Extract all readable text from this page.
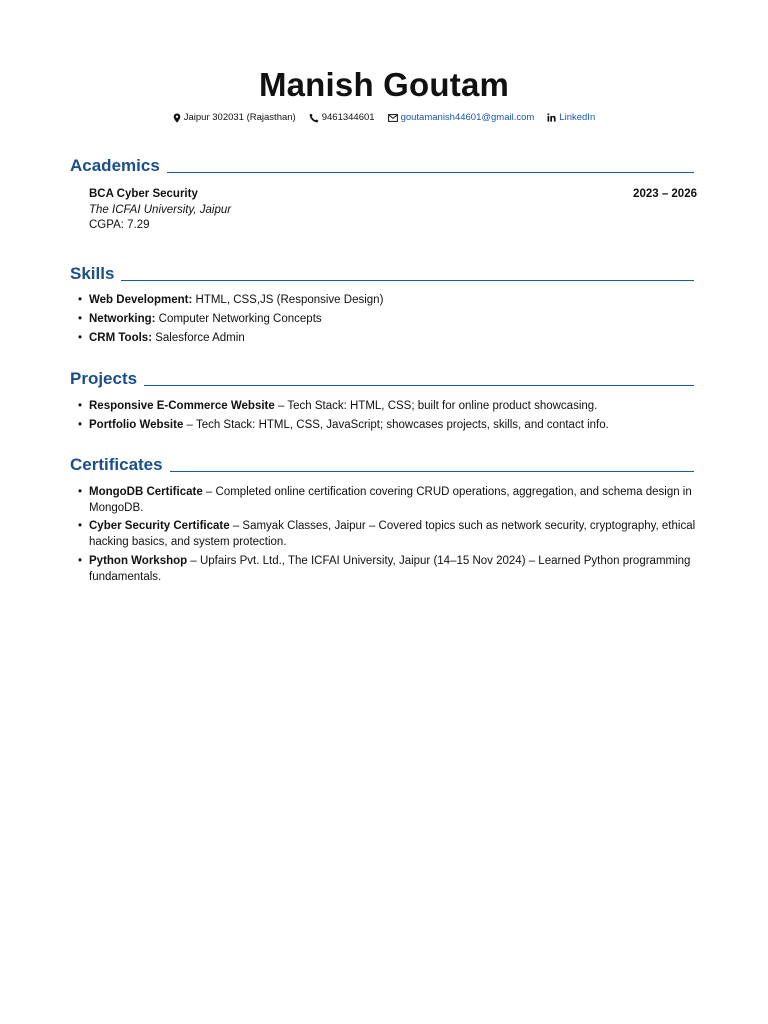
Manish Goutam
Jaipur 302031 (Rajasthan)	9461344601	goutamanish44601@gmail.com	LinkedIn
Academics
BCA Cyber Security	2023 – 2026
The ICFAI University, Jaipur
CGPA: 7.29
Skills
• Web Development: HTML, CSS,JS (Responsive Design)
• Networking: Computer Networking Concepts
• CRM Tools: Salesforce Admin
Projects
• Responsive E-Commerce Website – Tech Stack: HTML, CSS; built for online product showcasing.
• Portfolio Website – Tech Stack: HTML, CSS, JavaScript; showcases projects, skills, and contact info.
Certificates
• MongoDB Certificate – Completed online certification covering CRUD operations, aggregation, and schema design in MongoDB.
• Cyber Security Certificate – Samyak Classes, Jaipur – Covered topics such as network security, cryptography, ethical hacking basics, and system protection.
• Python Workshop – Upfairs Pvt. Ltd., The ICFAI University, Jaipur (14–15 Nov 2024) – Learned Python programming fundamentals.
